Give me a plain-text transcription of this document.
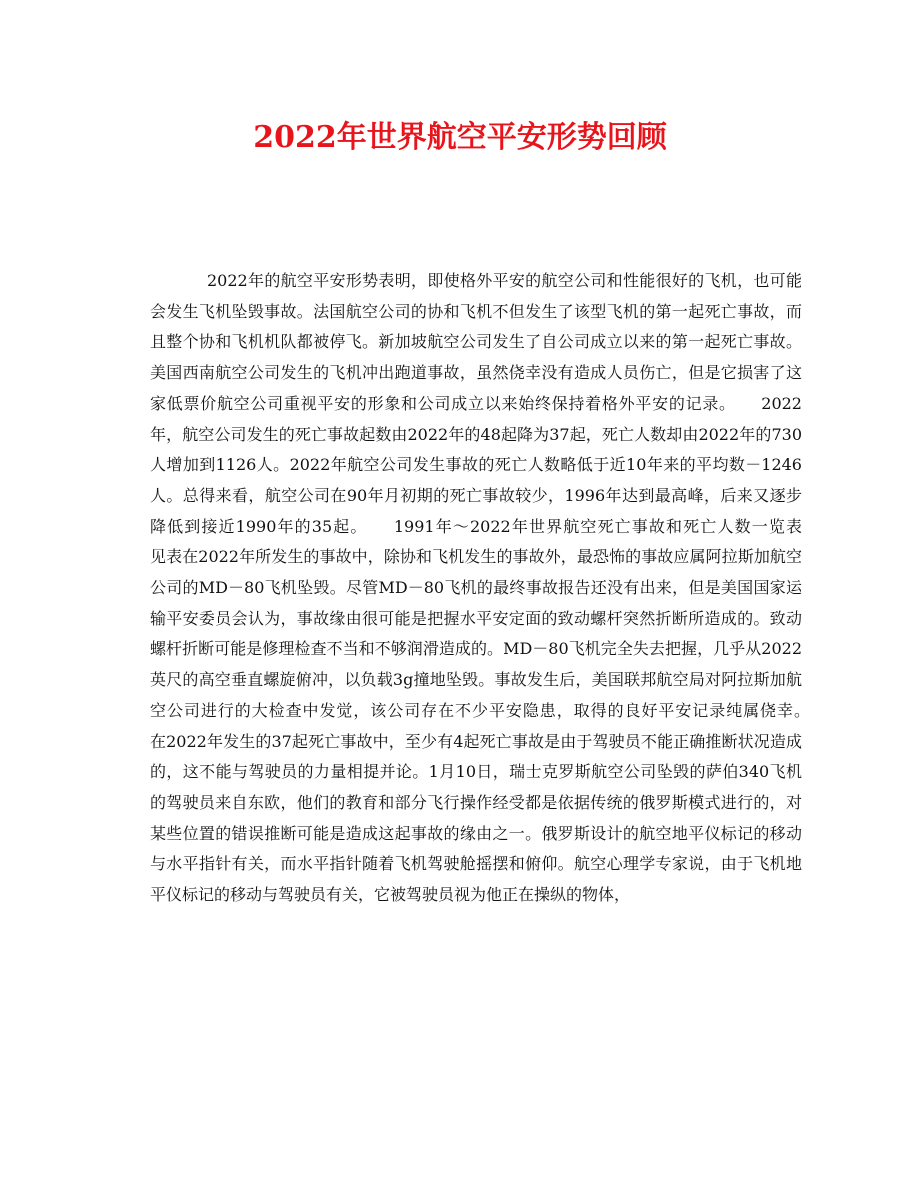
2022年世界航空平安形势回顾

2022年的航空平安形势表明，即使格外平安的航空公司和性能很好的飞机，也可能会发生飞机坠毁事故。法国航空公司的协和飞机不但发生了该型飞机的第一起死亡事故，而且整个协和飞机机队都被停飞。新加坡航空公司发生了自公司成立以来的第一起死亡事故。美国西南航空公司发生的飞机冲出跑道事故，虽然侥幸没有造成人员伤亡，但是它损害了这家低票价航空公司重视平安的形象和公司成立以来始终保持着格外平安的记录。　　2022年，航空公司发生的死亡事故起数由2022年的48起降为37起，死亡人数却由2022年的730人增加到1126人。2022年航空公司发生事故的死亡人数略低于近10年来的平均数－1246人。总得来看，航空公司在90年月初期的死亡事故较少，1996年达到最高峰，后来又逐步降低到接近1990年的35起。　　1991年～2022年世界航空死亡事故和死亡人数一览表　　见表在2022年所发生的事故中，除协和飞机发生的事故外，最恐怖的事故应属阿拉斯加航空公司的MD－80飞机坠毁。尽管MD－80飞机的最终事故报告还没有出来，但是美国国家运输平安委员会认为，事故缘由很可能是把握水平安定面的致动螺杆突然折断所造成的。致动螺杆折断可能是修理检查不当和不够润滑造成的。MD－80飞机完全失去把握，几乎从2022英尺的高空垂直螺旋俯冲，以负载3g撞地坠毁。事故发生后，美国联邦航空局对阿拉斯加航空公司进行的大检查中发觉，该公司存在不少平安隐患，取得的良好平安记录纯属侥幸。　　在2022年发生的37起死亡事故中，至少有4起死亡事故是由于驾驶员不能正确推断状况造成的，这不能与驾驶员的力量相提并论。1月10日，瑞士克罗斯航空公司坠毁的萨伯340飞机的驾驶员来自东欧，他们的教育和部分飞行操作经受都是依据传统的俄罗斯模式进行的，对某些位置的错误推断可能是造成这起事故的缘由之一。俄罗斯设计的航空地平仪标记的移动与水平指针有关，而水平指针随着飞机驾驶舱摇摆和俯仰。航空心理学专家说，由于飞机地平仪标记的移动与驾驶员有关，它被驾驶员视为他正在操纵的物体，
